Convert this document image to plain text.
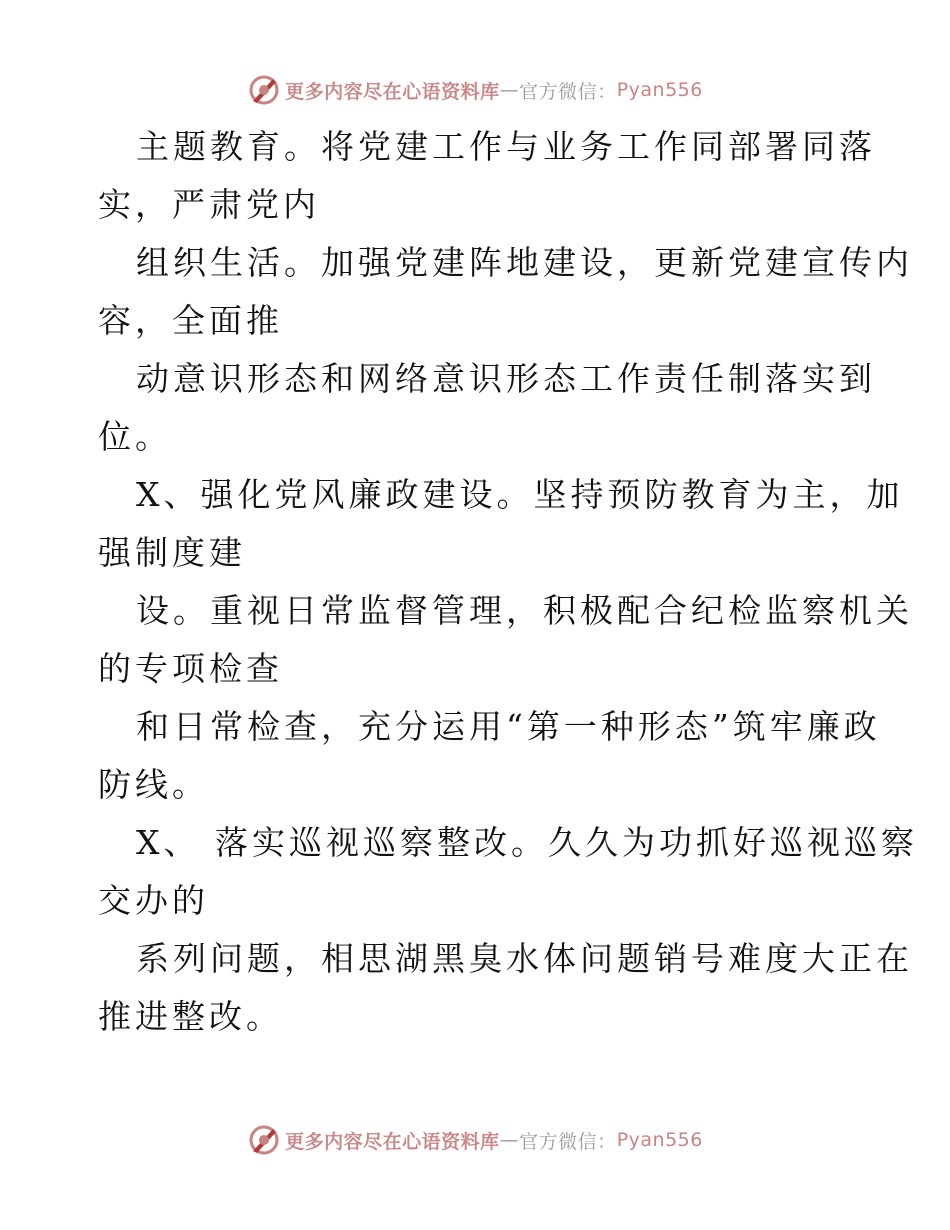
更多内容尽在心语资料库 — 官方微信： Pyan556
主题教育。将党建工作与业务工作同部署同落
实，严肃党内
组织生活。加强党建阵地建设，更新党建宣传内
容，全面推
动意识形态和网络意识形态工作责任制落实到
位。
X、强化党风廉政建设。坚持预防教育为主，加
强制度建
设。重视日常监督管理，积极配合纪检监察机关
的专项检查
和日常检查，充分运用“第一种形态”筑牢廉政
防线。
X、 落实巡视巡察整改。久久为功抓好巡视巡察
交办的
系列问题，相思湖黑臭水体问题销号难度大正在
推进整改。
更多内容尽在心语资料库 — 官方微信： Pyan556
